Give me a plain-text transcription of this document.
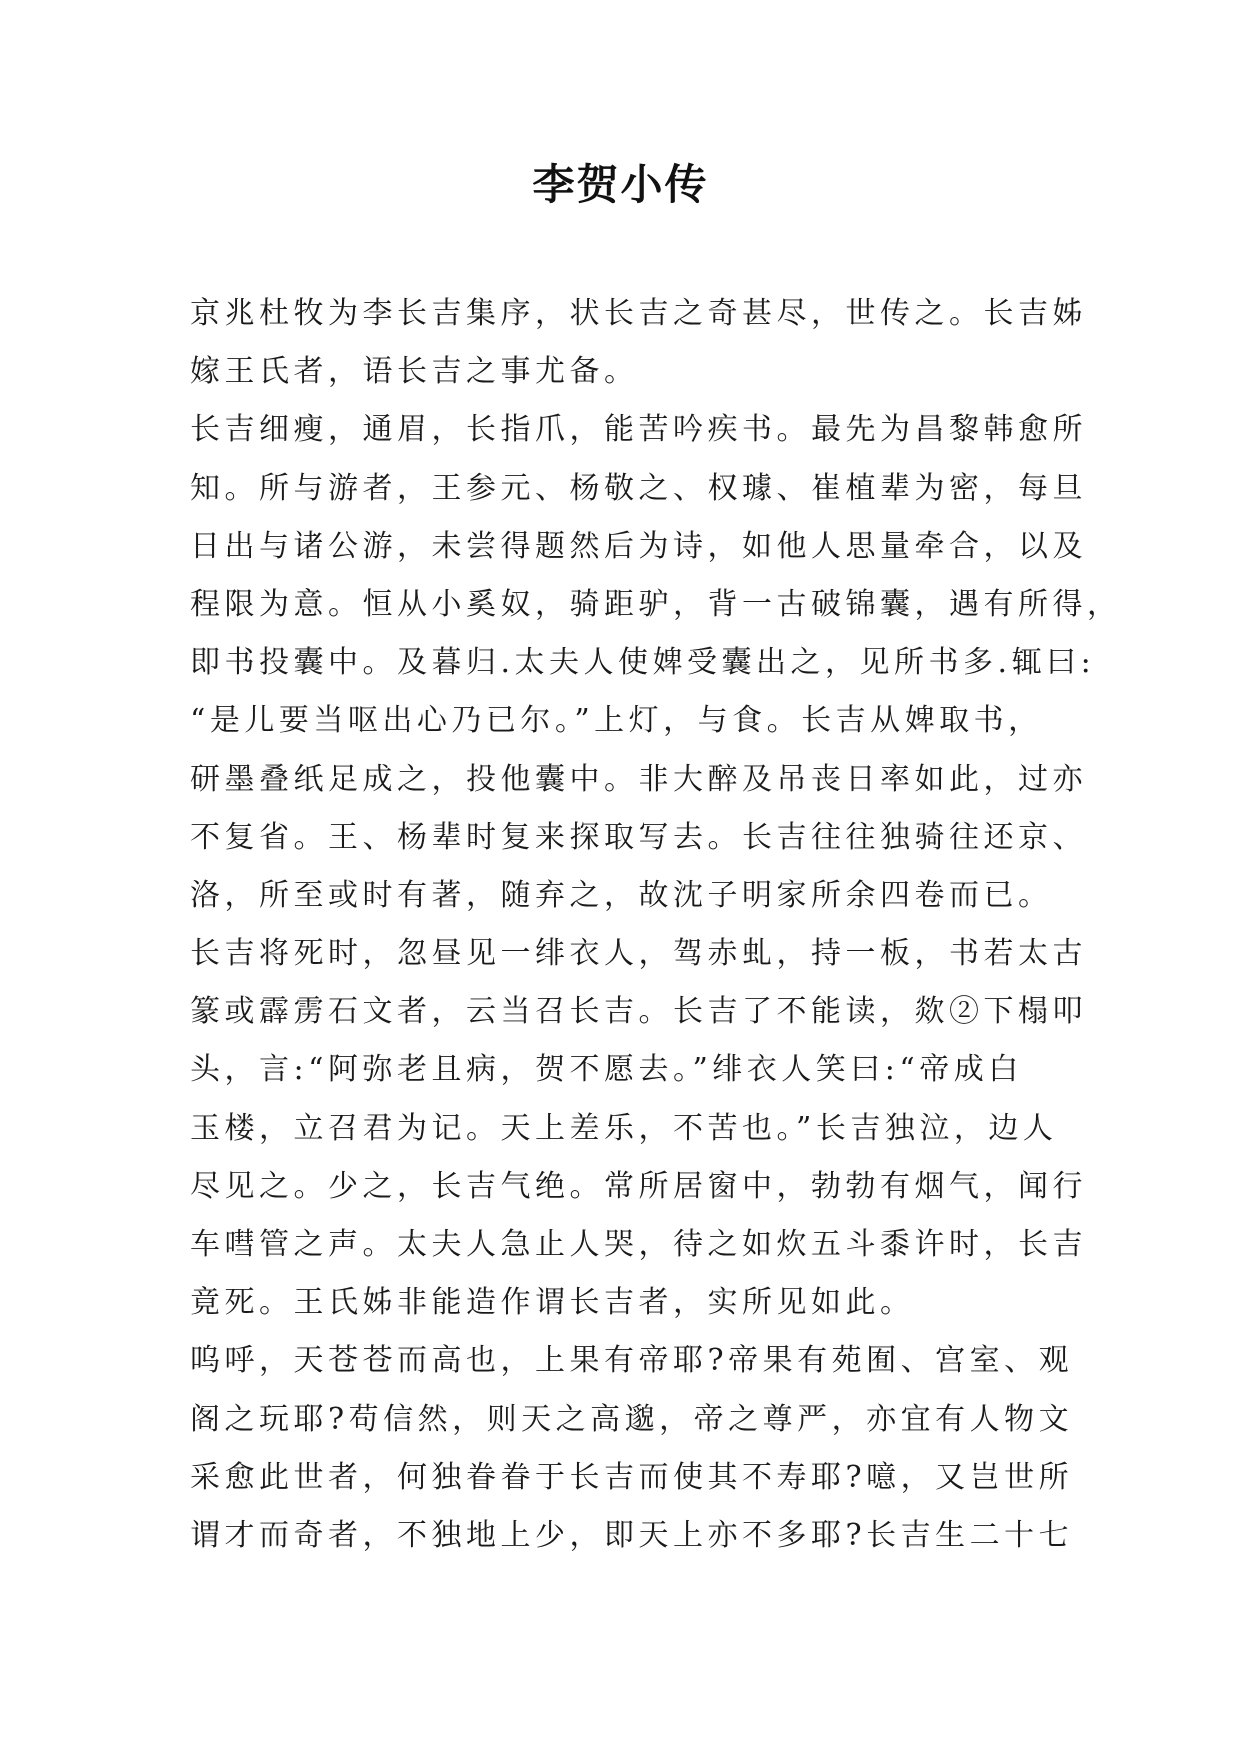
李贺小传
京兆杜牧为李长吉集序，状长吉之奇甚尽，世传之。长吉姊
嫁王氏者，语长吉之事尤备。
长吉细瘦，通眉，长指爪，能苦吟疾书。最先为昌黎韩愈所
知。所与游者，王参元、杨敬之、权璩、崔植辈为密，每旦
日出与诸公游，未尝得题然后为诗，如他人思量牵合，以及
程限为意。恒从小奚奴，骑距驴，背一古破锦囊，遇有所得，
即书投囊中。及暮归.太夫人使婢受囊出之，见所书多.辄曰:
“是儿要当呕出心乃已尔。”上灯，与食。长吉从婢取书，
研墨叠纸足成之，投他囊中。非大醉及吊丧日率如此，过亦
不复省。王、杨辈时复来探取写去。长吉往往独骑往还京、
洛，所至或时有著，随弃之，故沈子明家所余四卷而已。
长吉将死时，忽昼见一绯衣人，驾赤虬，持一板，书若太古
篆或霹雳石文者，云当召长吉。长吉了不能读，欻②下榻叩
头，言:“阿弥老且病，贺不愿去。”绯衣人笑曰:“帝成白
玉楼，立召君为记。天上差乐，不苦也。”长吉独泣，边人
尽见之。少之，长吉气绝。常所居窗中，勃勃有烟气，闻行
车嘒管之声。太夫人急止人哭，待之如炊五斗黍许时，长吉
竟死。王氏姊非能造作谓长吉者，实所见如此。
呜呼，天苍苍而高也，上果有帝耶?帝果有苑囿、宫室、观
阁之玩耶?苟信然，则天之高邈，帝之尊严，亦宜有人物文
采愈此世者，何独眷眷于长吉而使其不寿耶?噫，又岂世所
谓才而奇者，不独地上少，即天上亦不多耶?长吉生二十七
